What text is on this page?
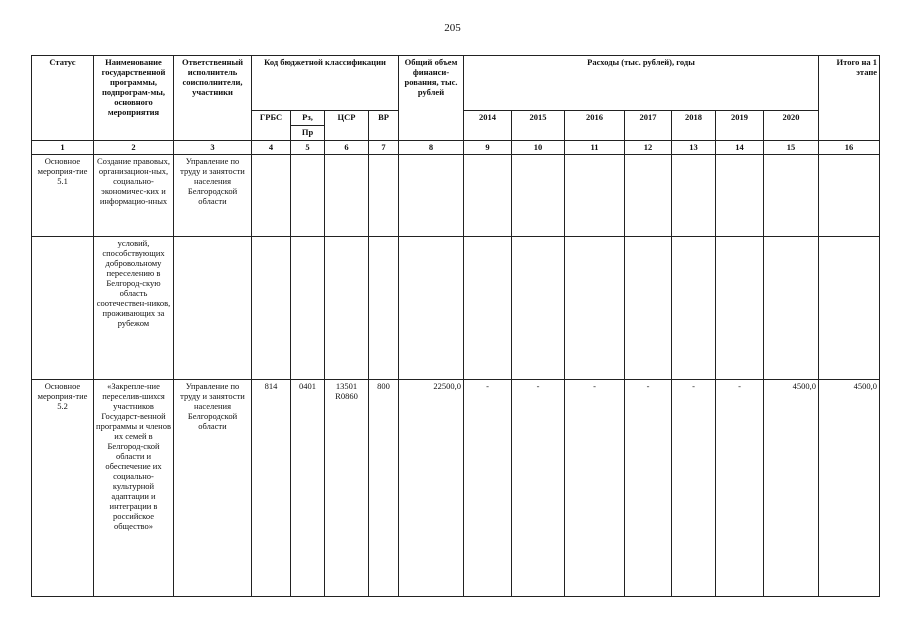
205
Статус	Наименование государственной программы, подпрограм-мы, основного мероприятия	Ответственный исполнитель соисполнители, участники	Код бюджетной классификации				Общий объем финанси-рования, тыс. рублей	Расходы (тыс. рублей), годы							Итого на 1 этапе
			ГРБС	Рз,	ЦСР	ВР		2014	2015	2016	2017	2018	2019	2020	
				Пр											
1	2	3	4	5	6	7	8	9	10	11	12	13	14	15	16
Основное мероприя-тие 5.1	Создание правовых, организацион-ных, социально-экономичес-ких и информацио-нных	Управление по труду и занятости населения Белгородской области													
	условий, способствующих добровольному переселению в Белгород-скую область соотечествен-ников, проживающих за рубежом														
Основное мероприя-тие 5.2	«Закрепле-ние переселив-шихся участников Государст-венной программы и членов их семей в Белгород-ской области и обеспечение их социально-культурной адаптации и интеграции в российское общество»	Управление по труду и занятости населения Белгородской области	814	0401	13501 R0860	800	22500,0	-	-	-	-	-	-	4500,0	4500,0
